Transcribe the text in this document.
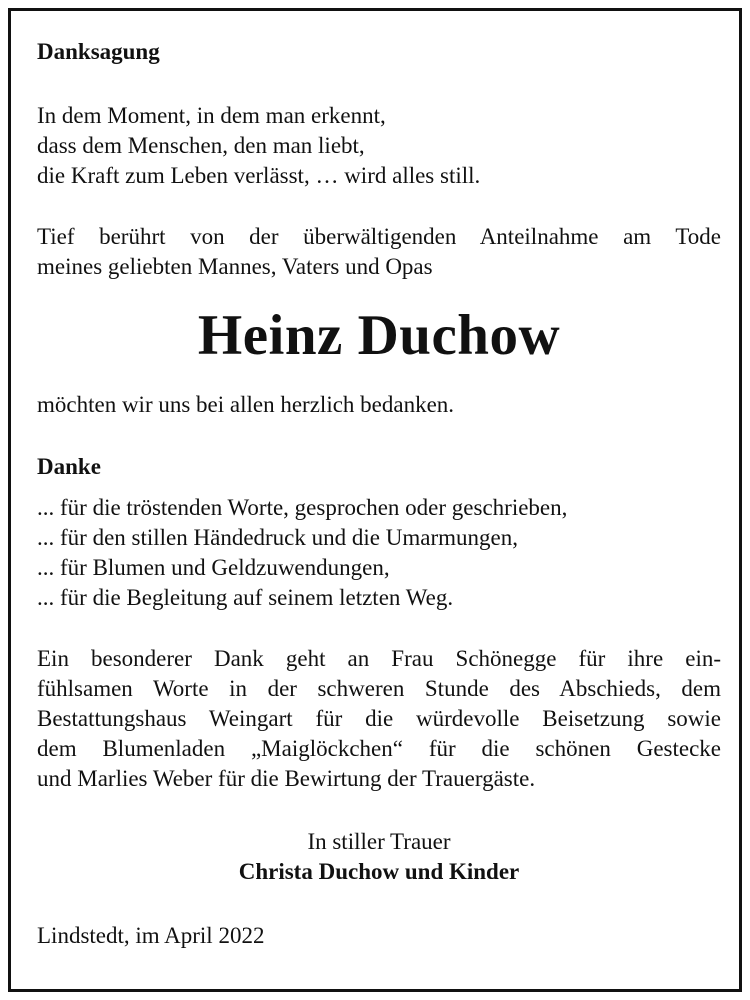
Danksagung
In dem Moment, in dem man erkennt,
dass dem Menschen, den man liebt,
die Kraft zum Leben verlässt, … wird alles still.
Tief berührt von der überwältigenden Anteilnahme am Tode
meines geliebten Mannes, Vaters und Opas
Heinz Duchow
möchten wir uns bei allen herzlich bedanken.
Danke
... für die tröstenden Worte, gesprochen oder geschrieben,
... für den stillen Händedruck und die Umarmungen,
... für Blumen und Geldzuwendungen,
... für die Begleitung auf seinem letzten Weg.
Ein besonderer Dank geht an Frau Schönegge für ihre ein-
fühlsamen Worte in der schweren Stunde des Abschieds, dem
Bestattungshaus Weingart für die würdevolle Beisetzung sowie
dem Blumenladen „Maiglöckchen“ für die schönen Gestecke
und Marlies Weber für die Bewirtung der Trauergäste.
In stiller Trauer
Christa Duchow und Kinder
Lindstedt, im April 2022
